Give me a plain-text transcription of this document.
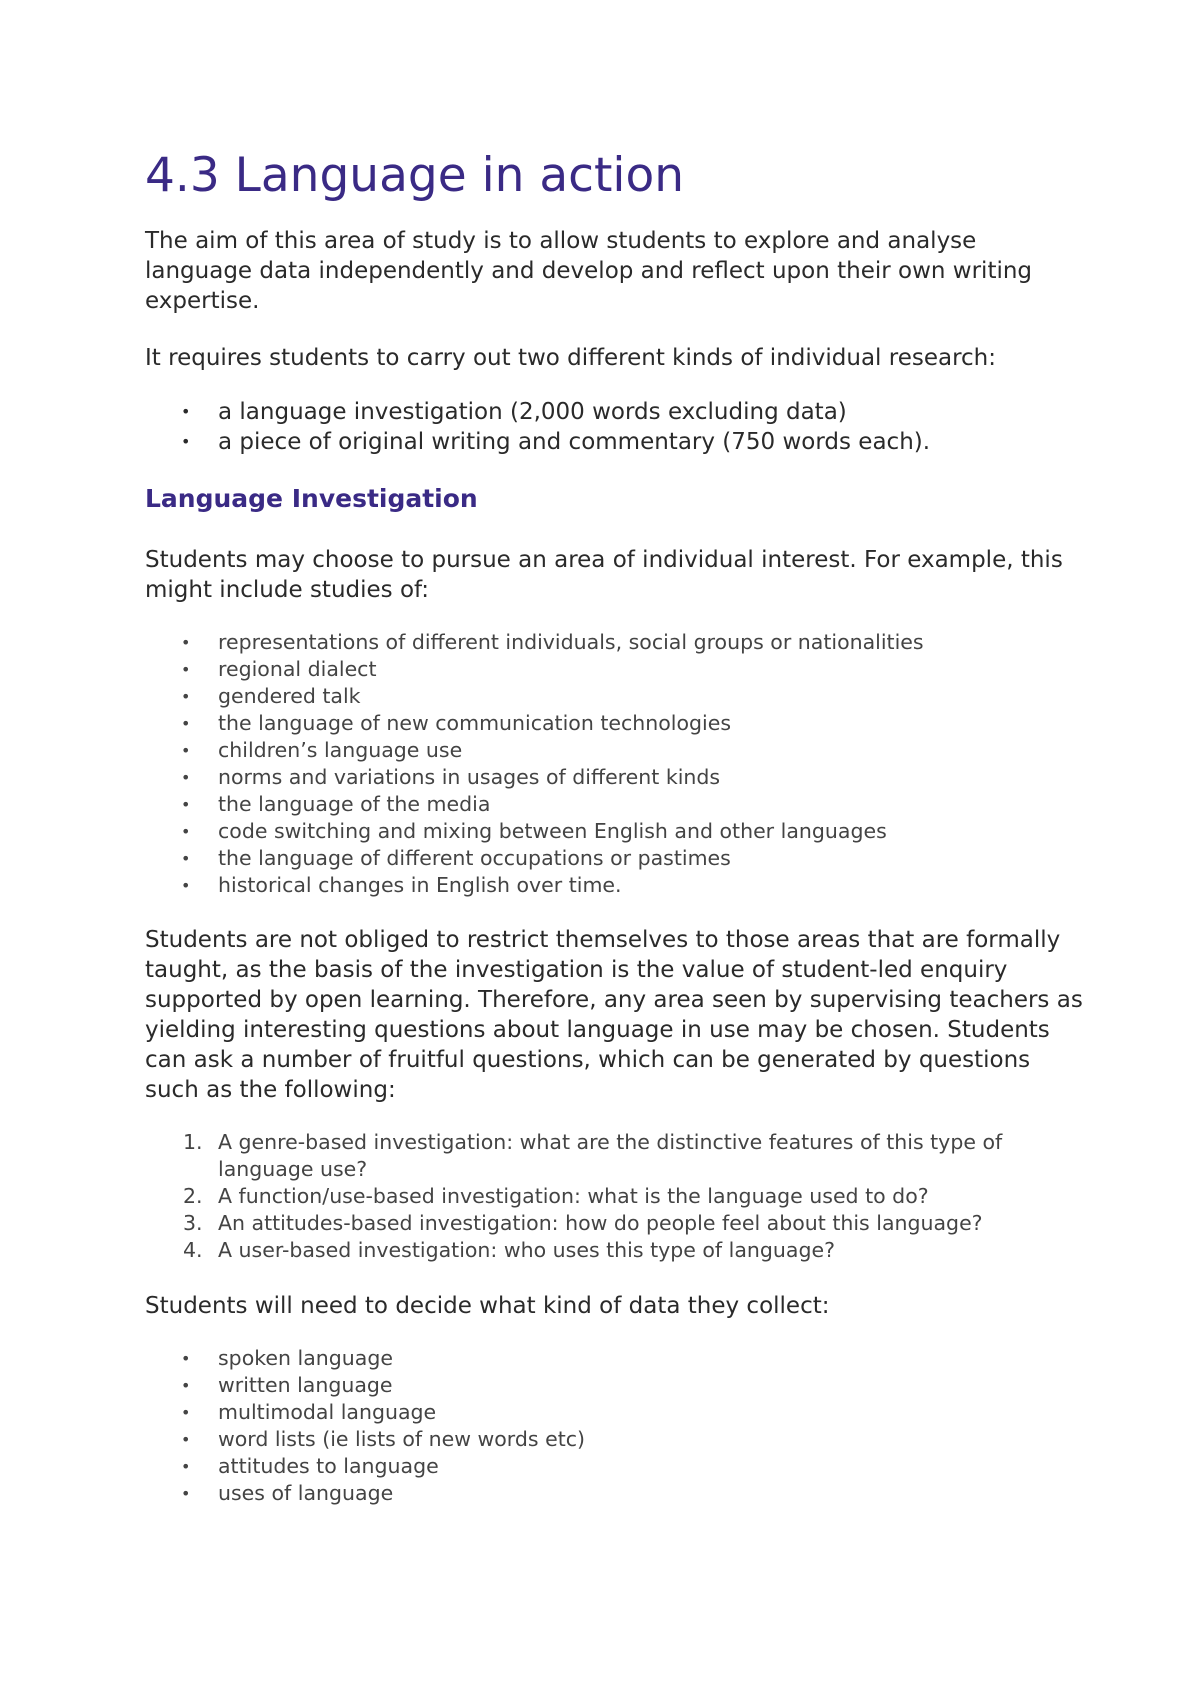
4.3 Language in action

The aim of this area of study is to allow students to explore and analyse language data independently and develop and reflect upon their own writing expertise.

It requires students to carry out two different kinds of individual research:

• a language investigation (2,000 words excluding data)
• a piece of original writing and commentary (750 words each).
Language Investigation

Students may choose to pursue an area of individual interest. For example, this might include studies of:

• representations of different individuals, social groups or nationalities
• regional dialect
• gendered talk
• the language of new communication technologies
• children’s language use
• norms and variations in usages of different kinds
• the language of the media
• code switching and mixing between English and other languages
• the language of different occupations or pastimes
• historical changes in English over time.

Students are not obliged to restrict themselves to those areas that are formally taught, as the basis of the investigation is the value of student-led enquiry supported by open learning. Therefore, any area seen by supervising teachers as yielding interesting questions about language in use may be chosen. Students can ask a number of fruitful questions, which can be generated by questions such as the following:

1. A genre-based investigation: what are the distinctive features of this type of language use?
2. A function/use-based investigation: what is the language used to do?
3. An attitudes-based investigation: how do people feel about this language?
4. A user-based investigation: who uses this type of language?

Students will need to decide what kind of data they collect:

• spoken language
• written language
• multimodal language
• word lists (ie lists of new words etc)
• attitudes to language
• uses of language
